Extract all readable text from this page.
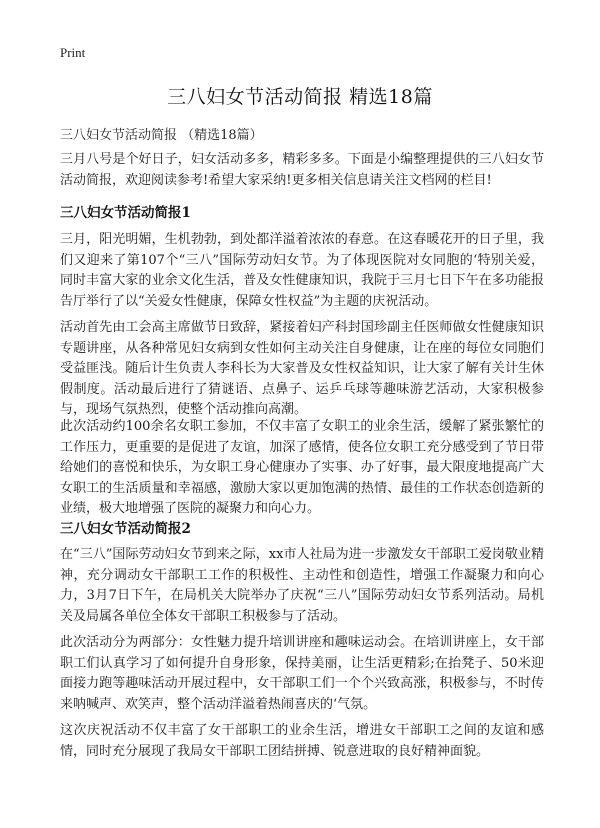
Print
三八妇女节活动简报 精选18篇
三八妇女节活动简报 （精选18篇）

三月八号是个好日子，妇女活动多多，精彩多多。下面是小编整理提供的三八妇女节活动简报，欢迎阅读参考!希望大家采纳!更多相关信息请关注文档网的栏目!

三八妇女节活动简报1

三月，阳光明媚，生机勃勃，到处都洋溢着浓浓的春意。在这春暖花开的日子里，我们又迎来了第107个“三八”国际劳动妇女节。为了体现医院对女同胞的‘特别关爱，同时丰富大家的业余文化生活，普及女性健康知识，我院于三月七日下午在多功能报告厅举行了以“关爱女性健康，保障女性权益”为主题的庆祝活动。

活动首先由工会高主席做节日致辞，紧接着妇产科封国珍副主任医师做女性健康知识专题讲座，从各种常见妇女病到女性如何主动关注自身健康，让在座的每位女同胞们受益匪浅。随后计生负责人李科长为大家普及女性权益知识，让大家了解有关计生休假制度。活动最后进行了猜谜语、点鼻子、运乒乓球等趣味游艺活动，大家积极参与，现场气氛热烈，使整个活动推向高潮。

此次活动约100余名女职工参加，不仅丰富了女职工的业余生活，缓解了紧张繁忙的工作压力，更重要的是促进了友谊，加深了感情，使各位女职工充分感受到了节日带给她们的喜悦和快乐，为女职工身心健康办了实事、办了好事，最大限度地提高广大女职工的生活质量和幸福感，激励大家以更加饱满的热情、最佳的工作状态创造新的业绩，极大地增强了医院的凝聚力和向心力。

三八妇女节活动简报2

在“三八”国际劳动妇女节到来之际，xx市人社局为进一步激发女干部职工爱岗敬业精神，充分调动女干部职工工作的积极性、主动性和创造性，增强工作凝聚力和向心力，3月7日下午，在局机关大院举办了庆祝“三八”国际劳动妇女节系列活动。局机关及局属各单位全体女干部职工积极参与了活动。

此次活动分为两部分：女性魅力提升培训讲座和趣味运动会。在培训讲座上，女干部职工们认真学习了如何提升自身形象，保持美丽，让生活更精彩;在抬凳子、50米迎面接力跑等趣味活动开展过程中，女干部职工们一个个兴致高涨，积极参与，不时传来呐喊声、欢笑声，整个活动洋溢着热闹喜庆的‘气氛。

这次庆祝活动不仅丰富了女干部职工的业余生活，增进女干部职工之间的友谊和感情，同时充分展现了我局女干部职工团结拼搏、锐意进取的良好精神面貌。
